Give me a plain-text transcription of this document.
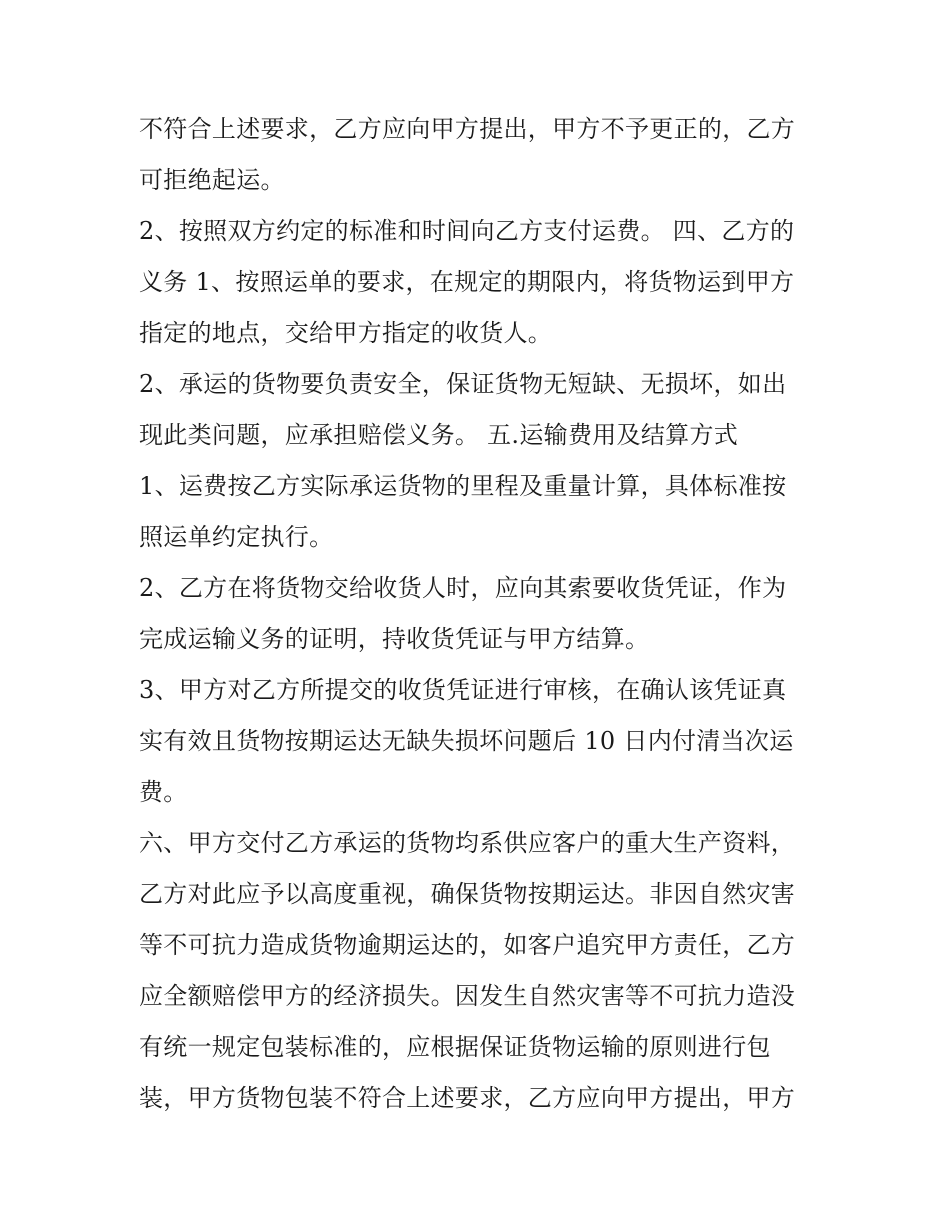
不符合上述要求，乙方应向甲方提出，甲方不予更正的，乙方
可拒绝起运。
2、按照双方约定的标准和时间向乙方支付运费。 四、乙方的
义务 1、按照运单的要求，在规定的期限内，将货物运到甲方
指定的地点，交给甲方指定的收货人。
2、承运的货物要负责安全，保证货物无短缺、无损坏，如出
现此类问题，应承担赔偿义务。 五.运输费用及结算方式
1、运费按乙方实际承运货物的里程及重量计算，具体标准按
照运单约定执行。
2、乙方在将货物交给收货人时，应向其索要收货凭证，作为
完成运输义务的证明，持收货凭证与甲方结算。
3、甲方对乙方所提交的收货凭证进行审核，在确认该凭证真
实有效且货物按期运达无缺失损坏问题后 10 日内付清当次运
费。
六、甲方交付乙方承运的货物均系供应客户的重大生产资料，
乙方对此应予以高度重视，确保货物按期运达。非因自然灾害
等不可抗力造成货物逾期运达的，如客户追究甲方责任，乙方
应全额赔偿甲方的经济损失。因发生自然灾害等不可抗力造没
有统一规定包装标准的，应根据保证货物运输的原则进行包
装，甲方货物包装不符合上述要求，乙方应向甲方提出，甲方
